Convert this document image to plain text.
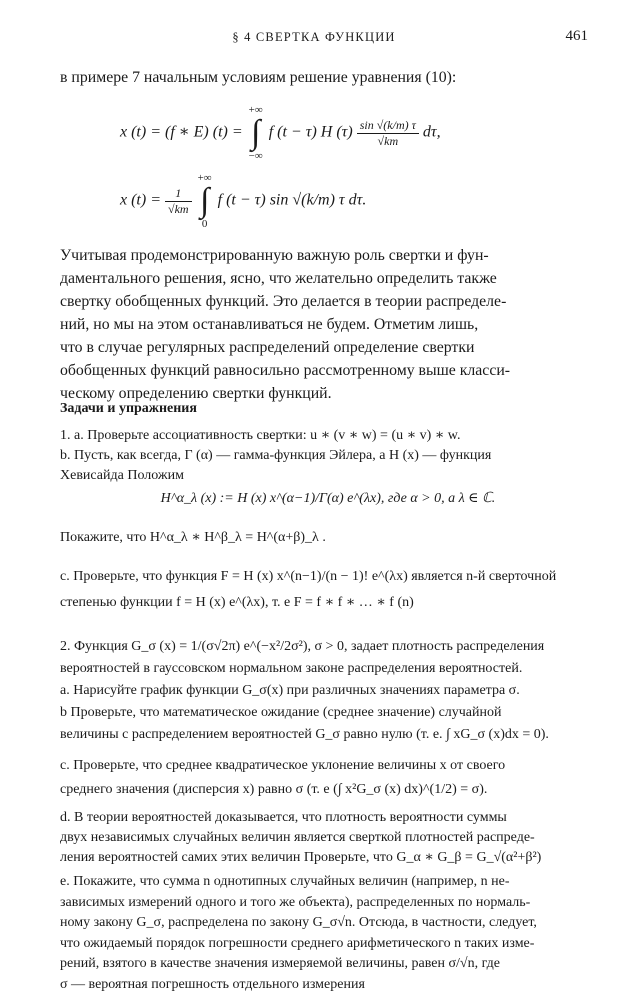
§ 4 СВЕРТКА ФУНКЦИИ	461
в примере 7 начальным условиям решение уравнения (10):
x (t) = (f ∗ E) (t) =
+∞
∫
−∞
f (t − τ) H $(\tau) \frac{\sin √(k/m) \tau}{√km} d\tau$,
x $(t) = \frac{1}{√km}$

+∞
∫
0
f (t − τ) sin √(k/m) τ dτ.
Учитывая продемонстрированную важную роль свертки и фун-
даментального решения, ясно, что желательно определить также
свертку обобщенных функций. Это делается в теории распределе-
ний, но мы на этом останавливаться не будем. Отметим лишь,
что в случае регулярных распределений определение свертки
обобщенных функций равносильно рассмотренному выше класси-
ческому определению свертки функций.
Задачи и упражнения
1. a. Проверьте ассоциативность свертки: u ∗ (v ∗ w) = (u ∗ v) ∗ w.
b. Пусть, как всегда, Γ (α) — гамма-функция Эйлера, а H (x) — функция
Хевисайда Положим
H^α_λ (x) := H (x) x^(α−1)/Γ(α) e^(λx), где α > 0, а λ ∈ ℂ.
Покажите, что H^α_λ ∗ H^β_λ = H^(α+β)_λ .
c. Проверьте, что функция F = H (x) x^(n−1)/(n − 1)! e^(λx) является n-й сверточной
степенью функции f = H (x) e^(λx), т. е F = f ∗ f ∗ … ∗ f (n)
2. Функция G_σ (x) = 1/(σ√2π) e^(−x²/2σ²), σ > 0, задает плотность распределения
вероятностей в гауссовском нормальном законе распределения вероятностей.
a. Нарисуйте график функции G_σ(x) при различных значениях параметра σ.
b Проверьте, что математическое ожидание (среднее значение) случайной
величины с распределением вероятностей G_σ равно нулю (т. е. ∫ xG_σ (x)dx = 0).
c. Проверьте, что среднее квадратическое уклонение величины x от своего
среднего значения (дисперсия x) равно σ (т. е (∫ x²G_σ (x) dx)^(1/2) = σ).
d. В теории вероятностей доказывается, что плотность вероятности суммы
двух независимых случайных величин является сверткой плотностей распреде-
ления вероятностей самих этих величин Проверьте, что G_α ∗ G_β = G_√(α²+β²)
e. Покажите, что сумма n однотипных случайных величин (например, n не-
зависимых измерений одного и того же объекта), распределенных по нормаль-
ному закону G_σ, распределена по закону G_σ√n. Отсюда, в частности, следует,
что ожидаемый порядок погрешности среднего арифметического n таких изме-
рений, взятого в качестве значения измеряемой величины, равен σ/√n, где
σ — вероятная погрешность отдельного измерения
